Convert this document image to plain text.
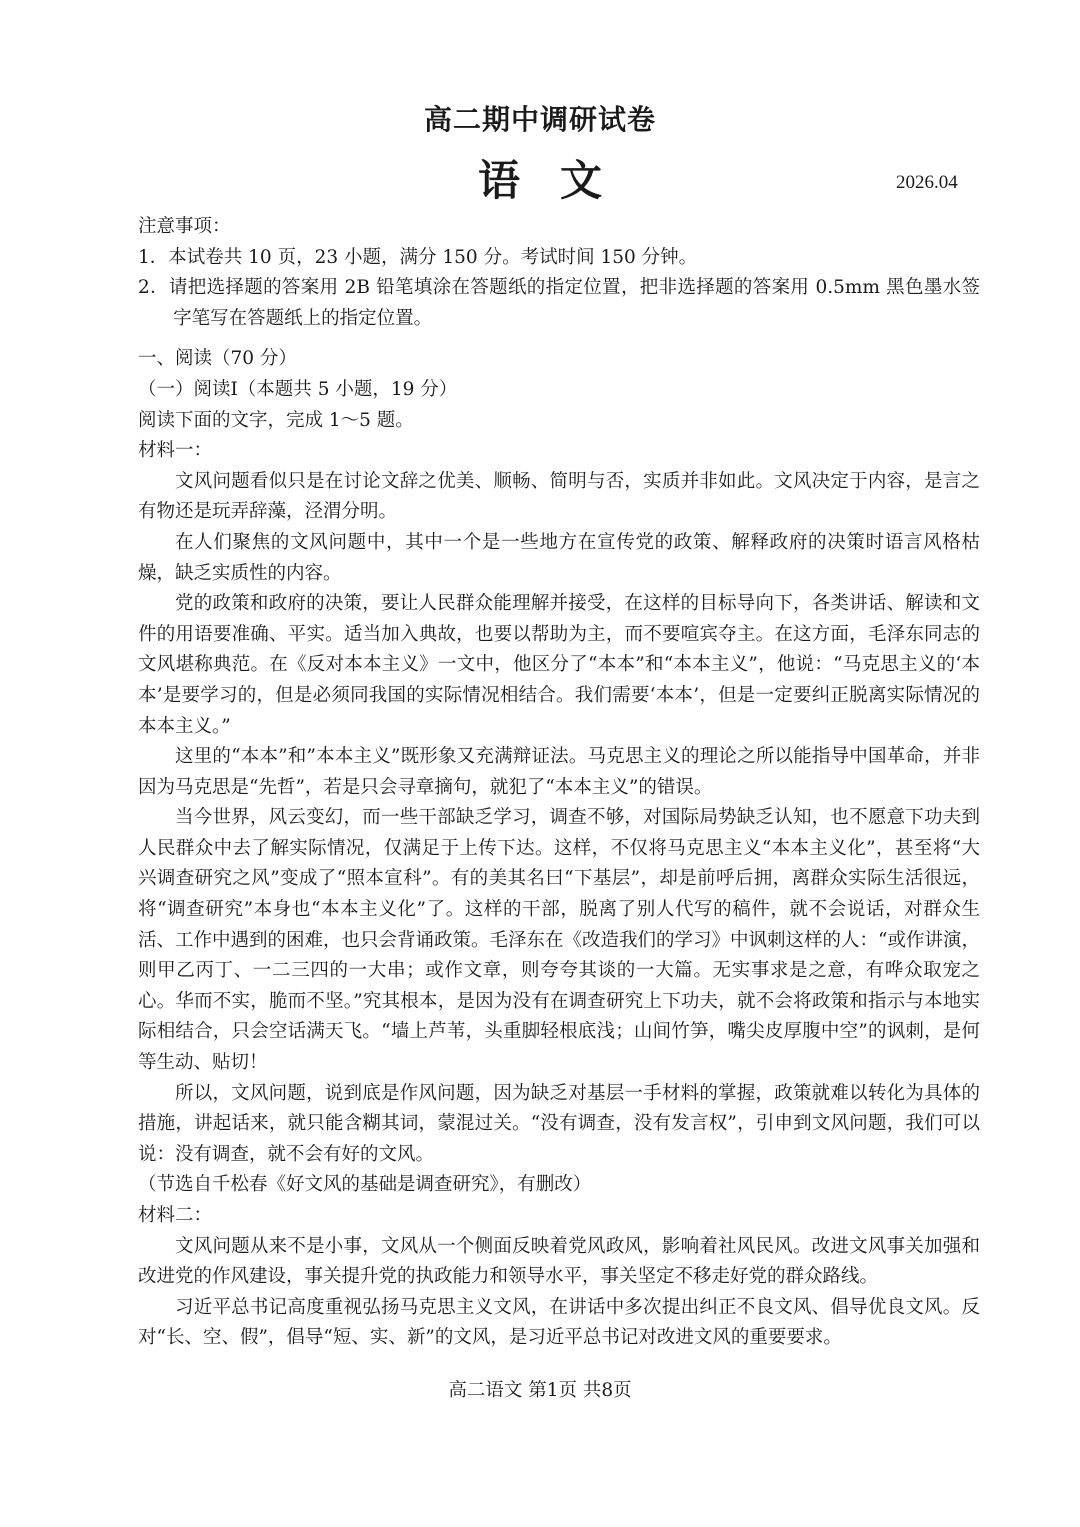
高二期中调研试卷
语文	2026.04

注意事项：

1．本试卷共 10 页，23 小题，满分 150 分。考试时间 150 分钟。

2．请把选择题的答案用 2B 铅笔填涂在答题纸的指定位置，把非选择题的答案用 0.5mm 黑色墨水签字笔写在答题纸上的指定位置。

一、阅读（70 分）

（一）阅读Ⅰ（本题共 5 小题，19 分）

阅读下面的文字，完成 1～5 题。

材料一：

文风问题看似只是在讨论文辞之优美、顺畅、简明与否，实质并非如此。文风决定于内容，是言之有物还是玩弄辞藻，泾渭分明。

在人们聚焦的文风问题中，其中一个是一些地方在宣传党的政策、解释政府的决策时语言风格枯燥，缺乏实质性的内容。

党的政策和政府的决策，要让人民群众能理解并接受，在这样的目标导向下，各类讲话、解读和文件的用语要准确、平实。适当加入典故，也要以帮助为主，而不要喧宾夺主。在这方面，毛泽东同志的文风堪称典范。在《反对本本主义》一文中，他区分了“本本”和“本本主义”，他说：“马克思主义的‘本本’是要学习的，但是必须同我国的实际情况相结合。我们需要‘本本’，但是一定要纠正脱离实际情况的本本主义。”

这里的“本本”和”本本主义”既形象又充满辩证法。马克思主义的理论之所以能指导中国革命，并非因为马克思是“先哲”，若是只会寻章摘句，就犯了“本本主义”的错误。

当今世界，风云变幻，而一些干部缺乏学习，调查不够，对国际局势缺乏认知，也不愿意下功夫到人民群众中去了解实际情况，仅满足于上传下达。这样，不仅将马克思主义“本本主义化”，甚至将“大兴调查研究之风”变成了“照本宣科”。有的美其名曰“下基层”，却是前呼后拥，离群众实际生活很远，将“调查研究”本身也“本本主义化”了。这样的干部，脱离了别人代写的稿件，就不会说话，对群众生活、工作中遇到的困难，也只会背诵政策。毛泽东在《改造我们的学习》中讽刺这样的人：“或作讲演，则甲乙丙丁、一二三四的一大串；或作文章，则夸夸其谈的一大篇。无实事求是之意，有哗众取宠之心。华而不实，脆而不坚。”究其根本，是因为没有在调查研究上下功夫，就不会将政策和指示与本地实际相结合，只会空话满天飞。“墙上芦苇，头重脚轻根底浅；山间竹笋，嘴尖皮厚腹中空”的讽刺，是何等生动、贴切！

所以，文风问题，说到底是作风问题，因为缺乏对基层一手材料的掌握，政策就难以转化为具体的措施，讲起话来，就只能含糊其词，蒙混过关。“没有调查，没有发言权”，引申到文风问题，我们可以说：没有调查，就不会有好的文风。

（节选自千松春《好文风的基础是调查研究》，有删改）

材料二：

文风问题从来不是小事，文风从一个侧面反映着党风政风，影响着社风民风。改进文风事关加强和改进党的作风建设，事关提升党的执政能力和领导水平，事关坚定不移走好党的群众路线。

习近平总书记高度重视弘扬马克思主义文风，在讲话中多次提出纠正不良文风、倡导优良文风。反对“长、空、假”，倡导“短、实、新”的文风，是习近平总书记对改进文风的重要要求。

高二语文 第1页 共8页
